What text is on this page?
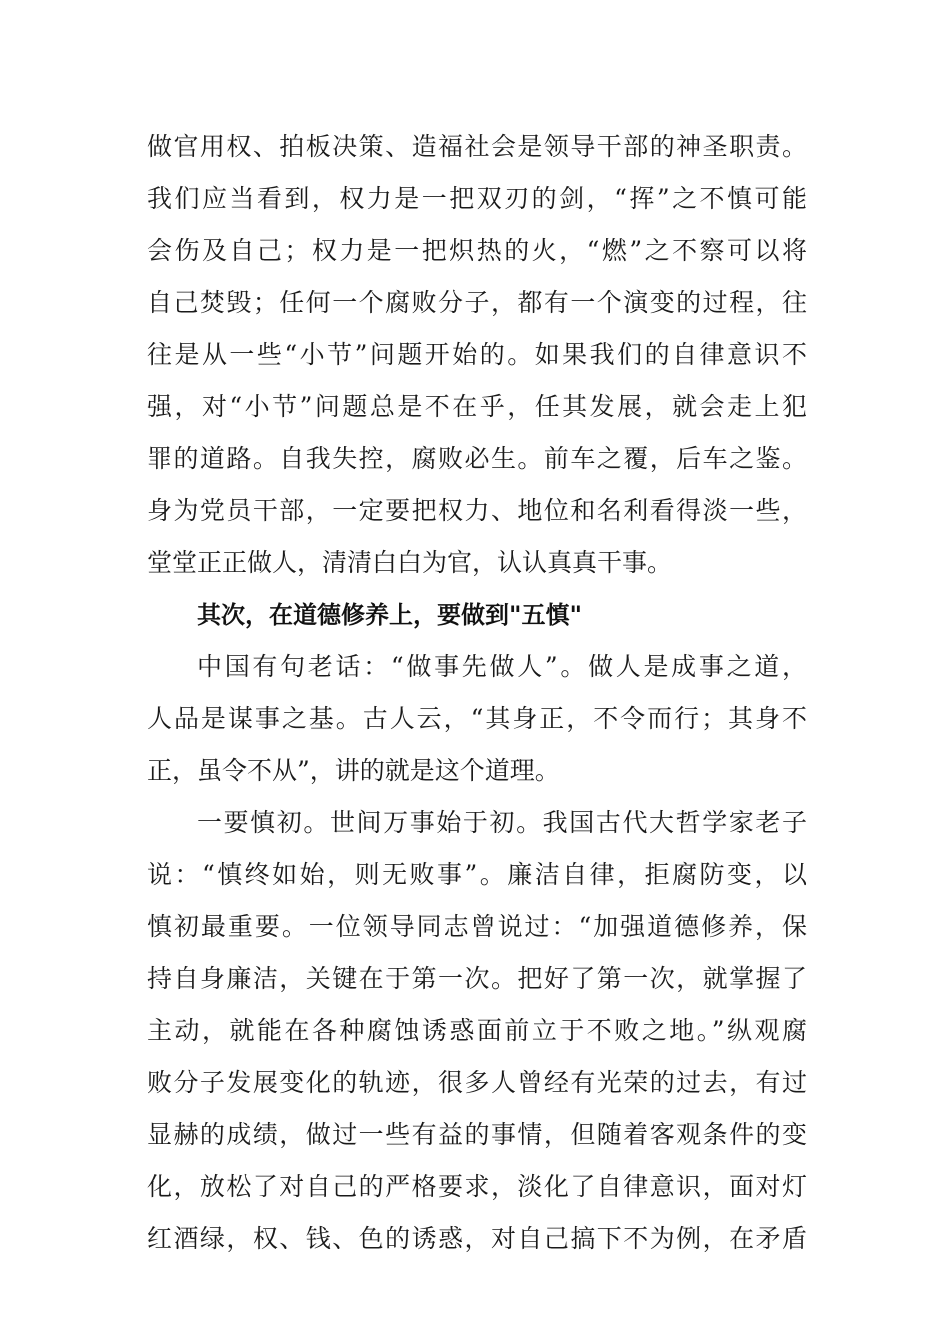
做官用权、拍板决策、造福社会是领导干部的神圣职责。
我们应当看到，权力是一把双刃的剑，“挥”之不慎可能
会伤及自己；权力是一把炽热的火，“燃”之不察可以将
自己焚毁；任何一个腐败分子，都有一个演变的过程，往
往是从一些“小节”问题开始的。如果我们的自律意识不
强，对“小节”问题总是不在乎，任其发展，就会走上犯
罪的道路。自我失控，腐败必生。前车之覆，后车之鉴。
身为党员干部，一定要把权力、地位和名利看得淡一些，
堂堂正正做人，清清白白为官，认认真真干事。
其次，在道德修养上，要做到"五慎"
中国有句老话：“做事先做人”。做人是成事之道，
人品是谋事之基。古人云，“其身正，不令而行；其身不
正，虽令不从”，讲的就是这个道理。
一要慎初。世间万事始于初。我国古代大哲学家老子
说：“慎终如始，则无败事”。廉洁自律，拒腐防变，以
慎初最重要。一位领导同志曾说过：“加强道德修养，保
持自身廉洁，关键在于第一次。把好了第一次，就掌握了
主动，就能在各种腐蚀诱惑面前立于不败之地。”纵观腐
败分子发展变化的轨迹，很多人曾经有光荣的过去，有过
显赫的成绩，做过一些有益的事情，但随着客观条件的变
化，放松了对自己的严格要求，淡化了自律意识，面对灯
红酒绿，权、钱、色的诱惑，对自己搞下不为例，在矛盾
